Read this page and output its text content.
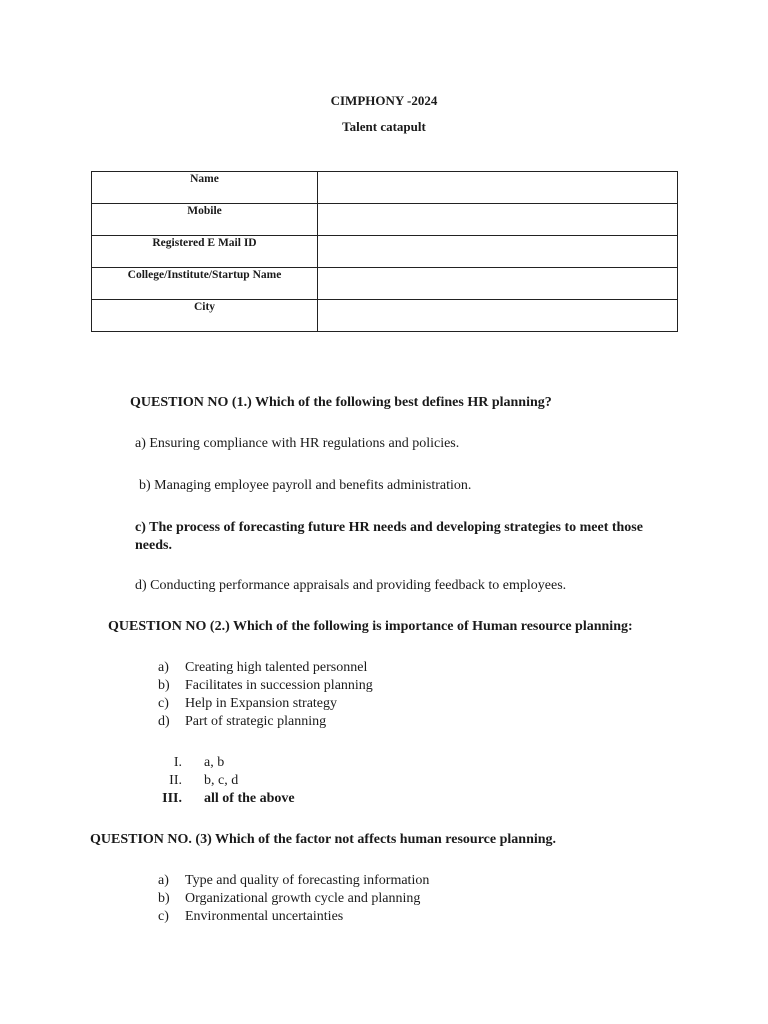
CIMPHONY -2024
Talent catapult
Name	
Mobile	
Registered E Mail ID	
College/Institute/Startup Name	
City	
QUESTION NO (1.) Which of the following best defines HR planning?
a) Ensuring compliance with HR regulations and policies.
b) Managing employee payroll and benefits administration.
c) The process of forecasting future HR needs and developing strategies to meet those needs.
d) Conducting performance appraisals and providing feedback to employees.
QUESTION NO (2.) Which of the following is importance of Human resource planning:
a)	Creating high talented personnel
b)	Facilitates in succession planning
c)	Help in Expansion strategy
d)	Part of strategic planning
I.	a, b
II.	b, c, d
III.	all of the above
QUESTION NO. (3) Which of the factor not affects human resource planning.
a)	Type and quality of forecasting information
b)	Organizational growth cycle and planning
c)	Environmental uncertainties
